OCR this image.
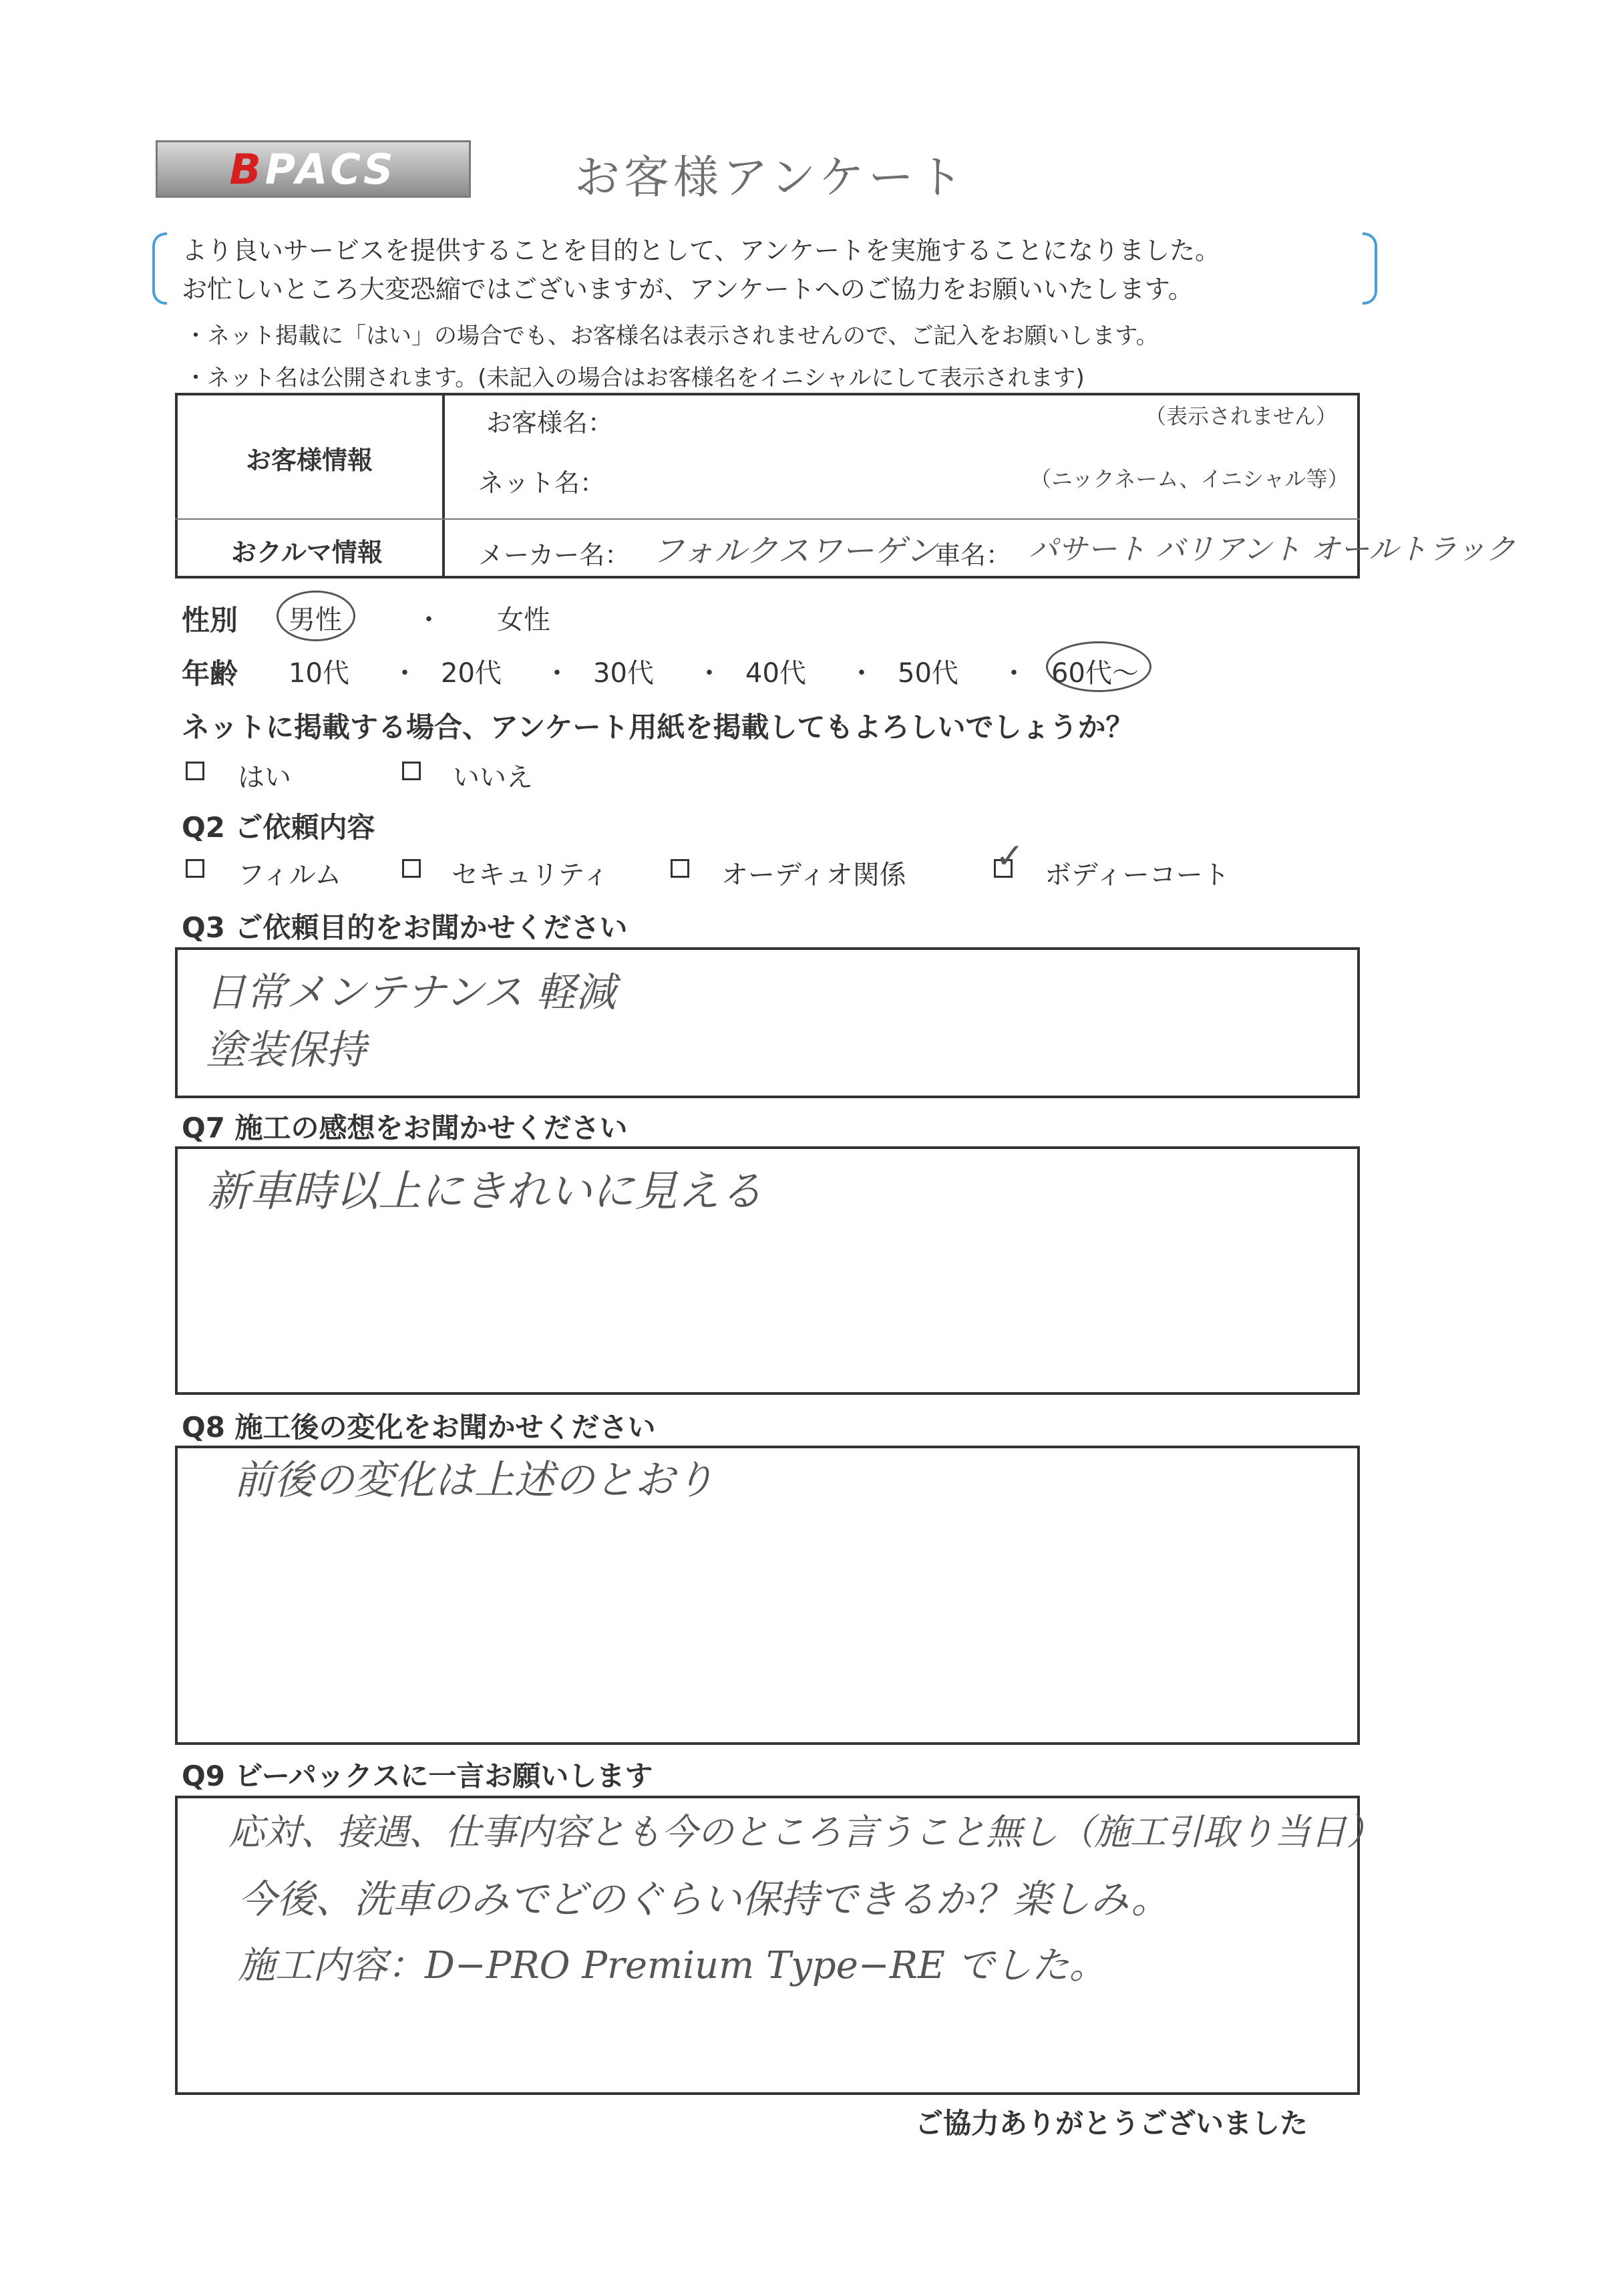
BPACS	お客様アンケート
より良いサービスを提供することを目的として、アンケートを実施することになりました。
お忙しいところ大変恐縮ではございますが、アンケートへのご協力をお願いいたします。
・ネット掲載に「はい」の場合でも、お客様名は表示されませんので、ご記入をお願いします。
・ネット名は公開されます。(未記入の場合はお客様名をイニシャルにして表示されます)
お客様情報
お客様名：	（表示されません）
ネット名：	（ニックネーム、イニシャル等）
おクルマ情報	メーカー名： フォルクスワーゲン
車名： パサート バリアント オールトラック
性別 男性	・ 女性
年齢 10代 ・ 20代 ・ 30代 ・ 40代 ・ 50代 ・ 60代〜
ネットに掲載する場合、アンケート用紙を掲載してもよろしいでしょうか？
はい	いいえ
Q2 ご依頼内容
フィルム	セキュリティ	オーディオ関係	✓ ボディーコート
Q3 ご依頼目的をお聞かせください
日常メンテナンス 軽減
塗装保持
Q7 施工の感想をお聞かせください
新車時以上にきれいに見える
Q8 施工後の変化をお聞かせください
前後の変化は上述のとおり
Q9 ビーパックスに一言お願いします
応対、接遇、仕事内容とも今のところ言うこと無し（施工引取り当日）
今後、洗車のみでどのぐらい保持できるか？楽しみ。
施工内容：D−PRO Premium Type−RE でした。
ご協力ありがとうございました
